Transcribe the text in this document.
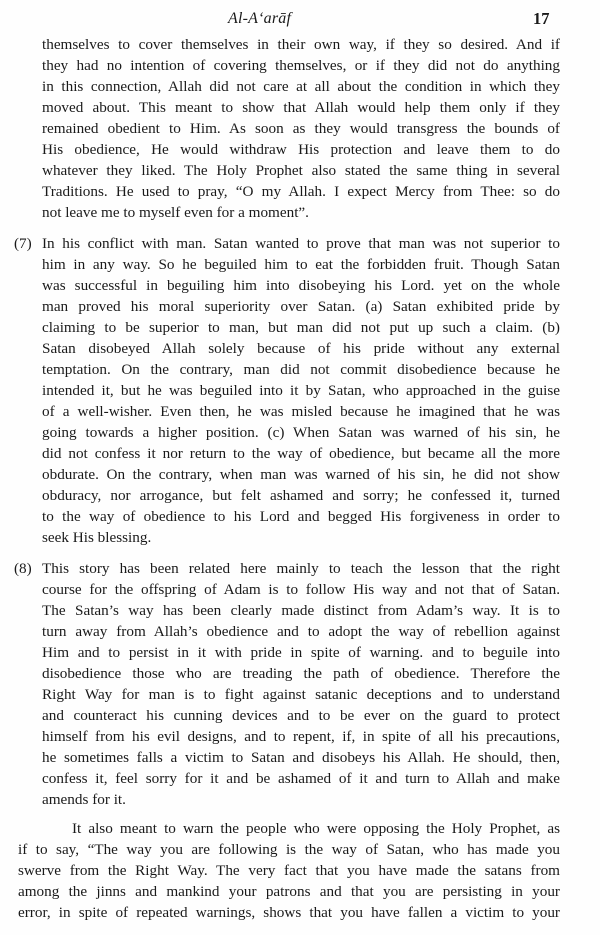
Al-A‘arāf	17
themselves to cover themselves in their own way, if they so desired. And if
they had no intention of covering themselves, or if they did not do anything
in this connection, Allah did not care at all about the condition in which they
moved about. This meant to show that Allah would help them only if they
remained obedient to Him. As soon as they would transgress the bounds of
His obedience, He would withdraw His protection and leave them to do
whatever they liked. The Holy Prophet also stated the same thing in several
Traditions. He used to pray, “O my Allah. I expect Mercy from Thee: so do
not leave me to myself even for a moment”.
(7) In his conflict with man. Satan wanted to prove that man was not superior to
him in any way. So he beguiled him to eat the forbidden fruit. Though Satan
was successful in beguiling him into disobeying his Lord. yet on the whole
man proved his moral superiority over Satan. (a) Satan exhibited pride by
claiming to be superior to man, but man did not put up such a claim. (b)
Satan disobeyed Allah solely because of his pride without any external
temptation. On the contrary, man did not commit disobedience because he
intended it, but he was beguiled into it by Satan, who approached in the guise
of a well-wisher. Even then, he was misled because he imagined that he was
going towards a higher position. (c) When Satan was warned of his sin, he
did not confess it nor return to the way of obedience, but became all the more
obdurate. On the contrary, when man was warned of his sin, he did not show
obduracy, nor arrogance, but felt ashamed and sorry; he confessed it, turned
to the way of obedience to his Lord and begged His forgiveness in order to
seek His blessing.
(8) This story has been related here mainly to teach the lesson that the right
course for the offspring of Adam is to follow His way and not that of Satan.
The Satan’s way has been clearly made distinct from Adam’s way. It is to
turn away from Allah’s obedience and to adopt the way of rebellion against
Him and to persist in it with pride in spite of warning. and to beguile into
disobedience those who are treading the path of obedience. Therefore the
Right Way for man is to fight against satanic deceptions and to understand
and counteract his cunning devices and to be ever on the guard to protect
himself from his evil designs, and to repent, if, in spite of all his precautions,
he sometimes falls a victim to Satan and disobeys his Allah. He should, then,
confess it, feel sorry for it and be ashamed of it and turn to Allah and make
amends for it.
It also meant to warn the people who were opposing the Holy Prophet, as
if to say, “The way you are following is the way of Satan, who has made you
swerve from the Right Way. The very fact that you have made the satans from
among the jinns and mankind your patrons and that you are persisting in your
error, in spite of repeated warnings, shows that you have fallen a victim to your
